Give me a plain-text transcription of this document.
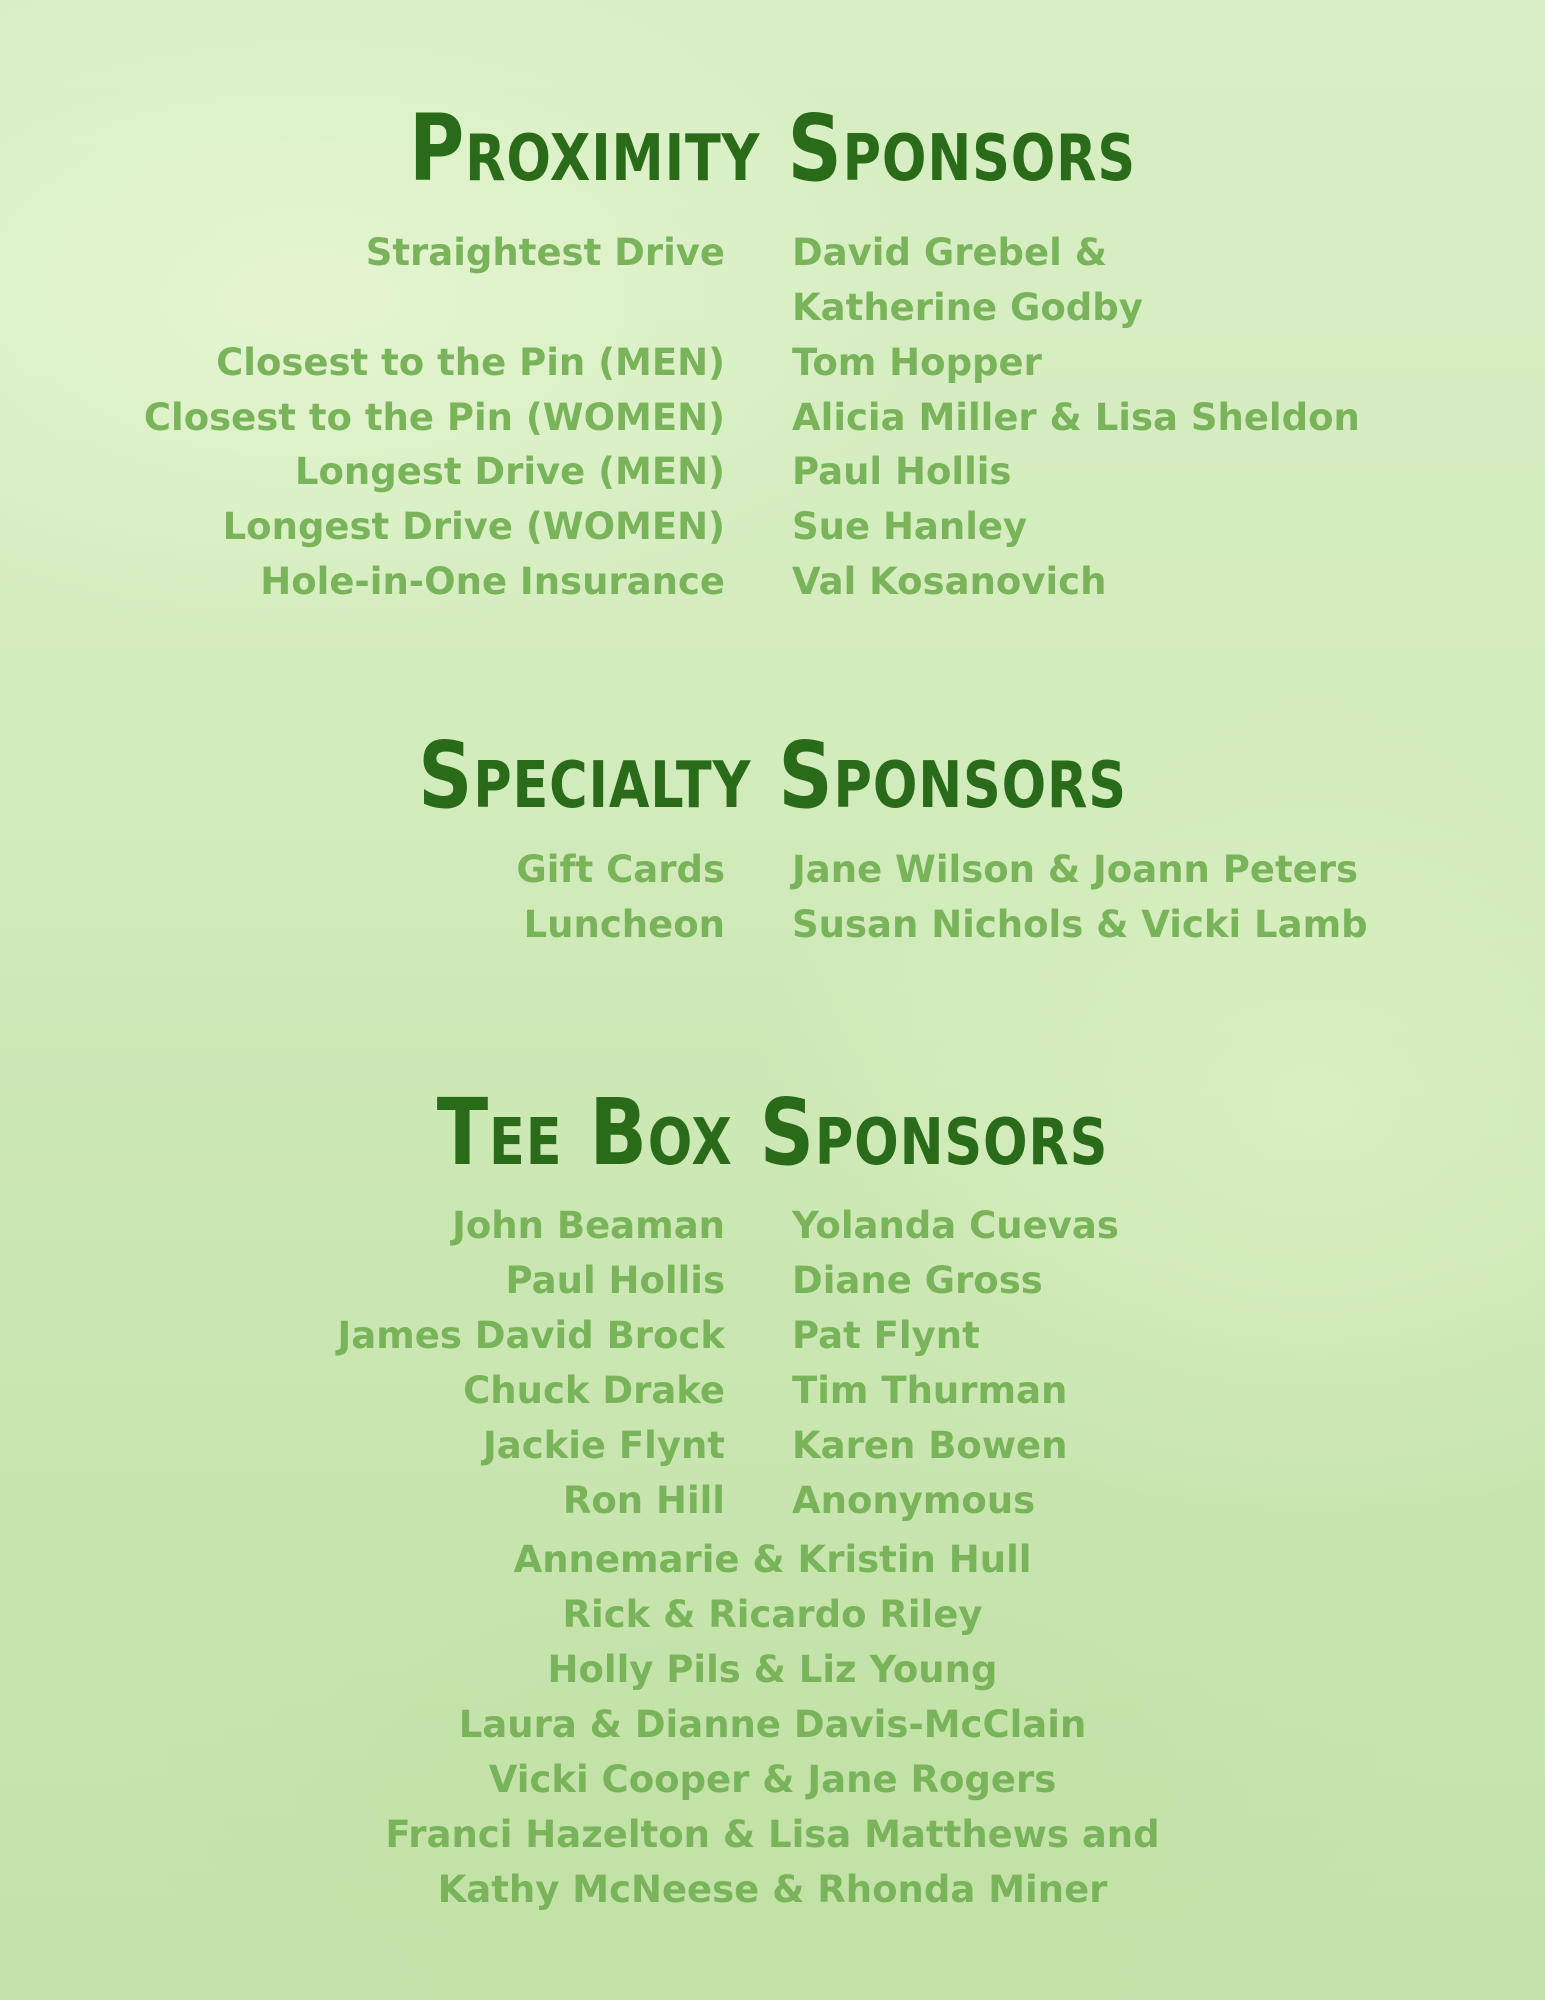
Proximity Sponsors
Straightest Drive David Grebel &
Katherine Godby
Closest to the Pin (MEN) Tom Hopper
Closest to the Pin (WOMEN) Alicia Miller & Lisa Sheldon
Longest Drive (MEN) Paul Hollis
Longest Drive (WOMEN) Sue Hanley
Hole-in-One Insurance Val Kosanovich
Specialty Sponsors
Gift Cards Jane Wilson & Joann Peters
Luncheon Susan Nichols & Vicki Lamb
Tee Box Sponsors
John Beaman Yolanda Cuevas
Paul Hollis Diane Gross
James David Brock Pat Flynt
Chuck Drake Tim Thurman
Jackie Flynt Karen Bowen
Ron Hill Anonymous
Annemarie & Kristin Hull
Rick & Ricardo Riley
Holly Pils & Liz Young
Laura & Dianne Davis-McClain
Vicki Cooper & Jane Rogers
Franci Hazelton & Lisa Matthews and
Kathy McNeese & Rhonda Miner
